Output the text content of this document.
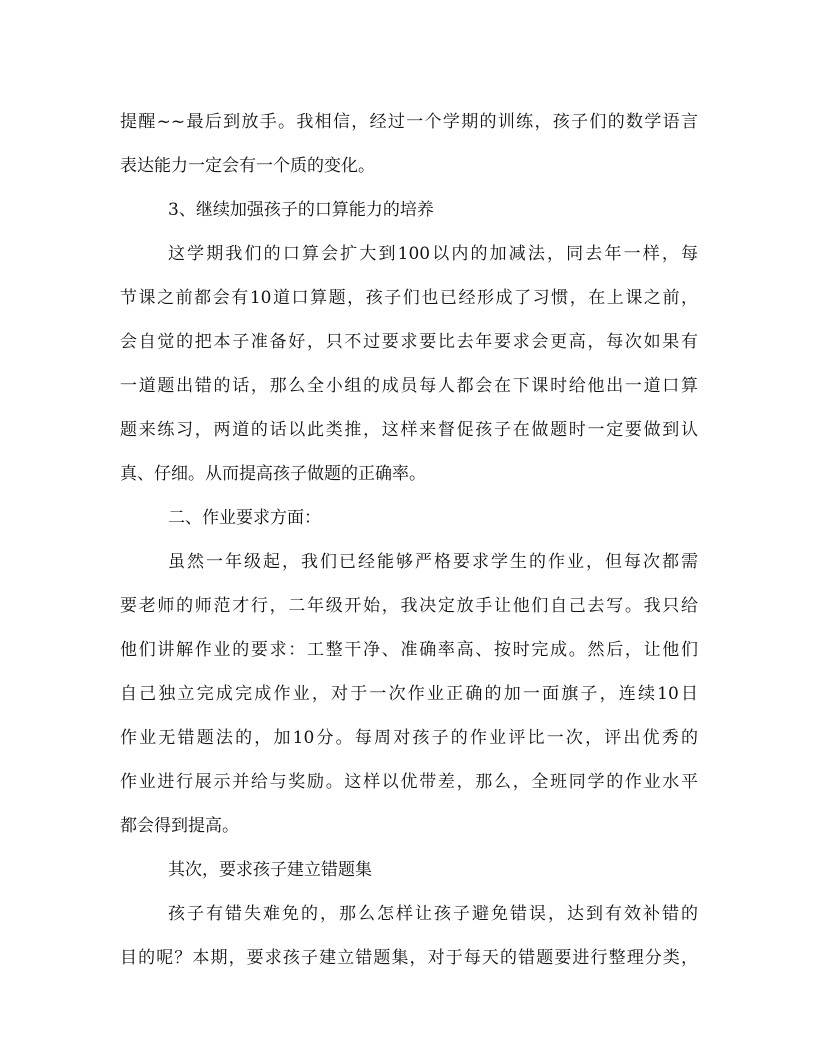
提醒~~最后到放手。我相信，经过一个学期的训练，孩子们的数学语言
表达能力一定会有一个质的变化。
3、继续加强孩子的口算能力的培养
这学期我们的口算会扩大到100以内的加减法，同去年一样，每
节课之前都会有10道口算题，孩子们也已经形成了习惯，在上课之前，
会自觉的把本子准备好，只不过要求要比去年要求会更高，每次如果有
一道题出错的话，那么全小组的成员每人都会在下课时给他出一道口算
题来练习，两道的话以此类推，这样来督促孩子在做题时一定要做到认
真、仔细。从而提高孩子做题的正确率。
二、作业要求方面：
虽然一年级起，我们已经能够严格要求学生的作业，但每次都需
要老师的师范才行，二年级开始，我决定放手让他们自己去写。我只给
他们讲解作业的要求：工整干净、准确率高、按时完成。然后，让他们
自己独立完成完成作业，对于一次作业正确的加一面旗子，连续10日
作业无错题法的，加10分。每周对孩子的作业评比一次，评出优秀的
作业进行展示并给与奖励。这样以优带差，那么，全班同学的作业水平
都会得到提高。
其次，要求孩子建立错题集
孩子有错失难免的，那么怎样让孩子避免错误，达到有效补错的
目的呢？本期，要求孩子建立错题集，对于每天的错题要进行整理分类，
